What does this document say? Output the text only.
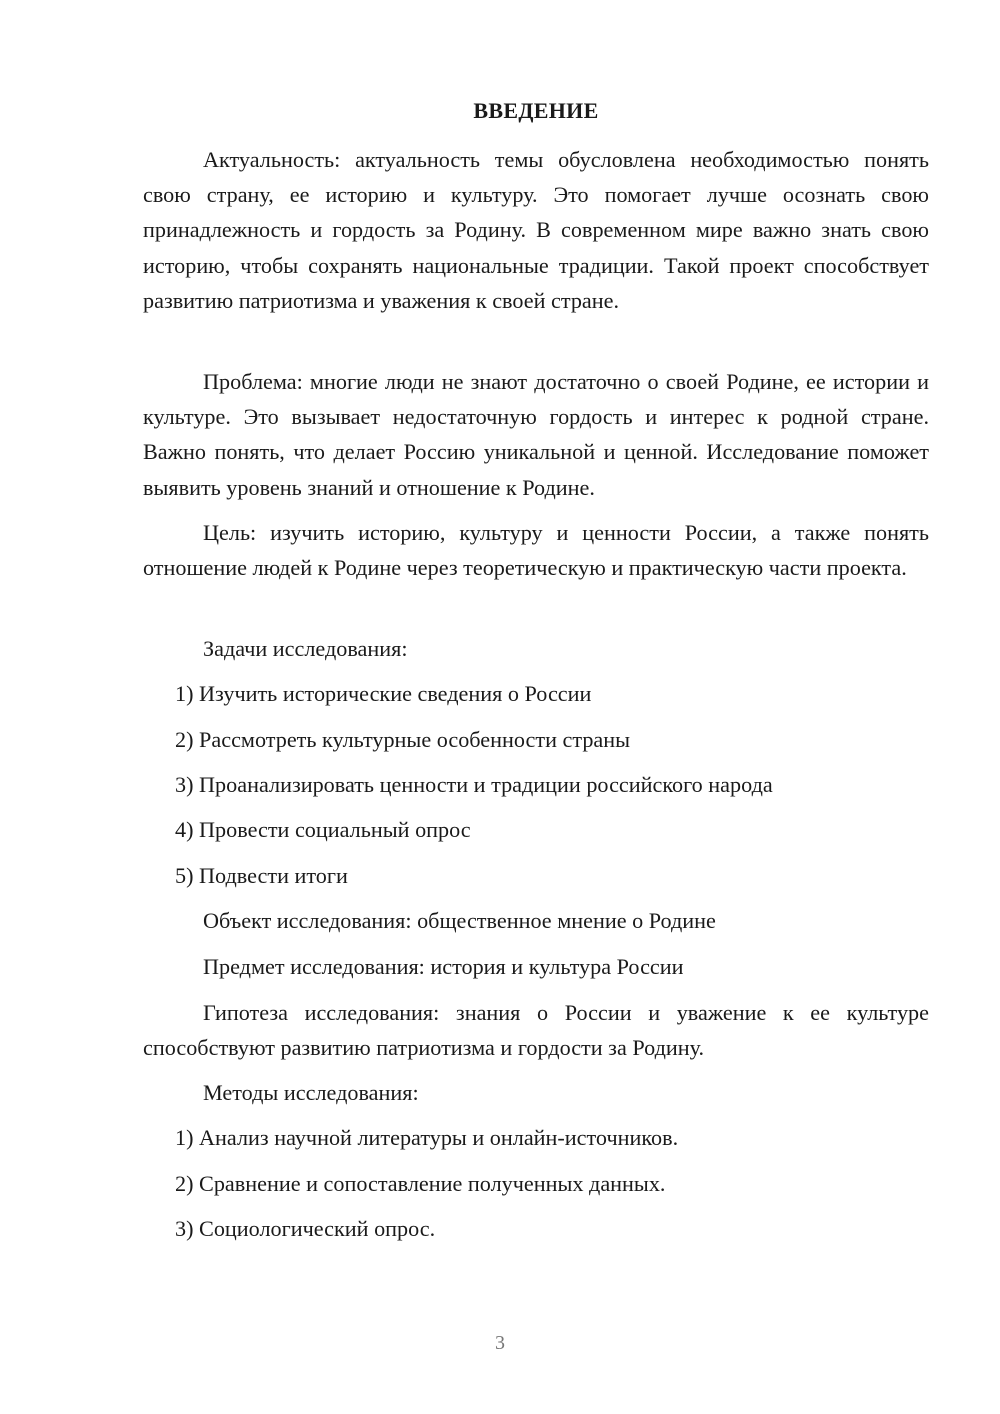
ВВЕДЕНИЕ

Актуальность: актуальность темы обусловлена необходимостью понять свою страну, ее историю и культуру. Это помогает лучше осознать свою принадлежность и гордость за Родину. В современном мире важно знать свою историю, чтобы сохранять национальные традиции. Такой проект способствует развитию патриотизма и уважения к своей стране.

Проблема: многие люди не знают достаточно о своей Родине, ее истории и культуре. Это вызывает недостаточную гордость и интерес к родной стране. Важно понять, что делает Россию уникальной и ценной. Исследование поможет выявить уровень знаний и отношение к Родине.

Цель: изучить историю, культуру и ценности России, а также понять отношение людей к Родине через теоретическую и практическую части проекта.

Задачи исследования:
1) Изучить исторические сведения о России
2) Рассмотреть культурные особенности страны
3) Проанализировать ценности и традиции российского народа
4) Провести социальный опрос
5) Подвести итоги
Объект исследования: общественное мнение о Родине
Предмет исследования: история и культура России

Гипотеза исследования: знания о России и уважение к ее культуре способствуют развитию патриотизма и гордости за Родину.

Методы исследования:
1) Анализ научной литературы и онлайн-источников.
2) Сравнение и сопоставление полученных данных.
3) Социологический опрос.
3
